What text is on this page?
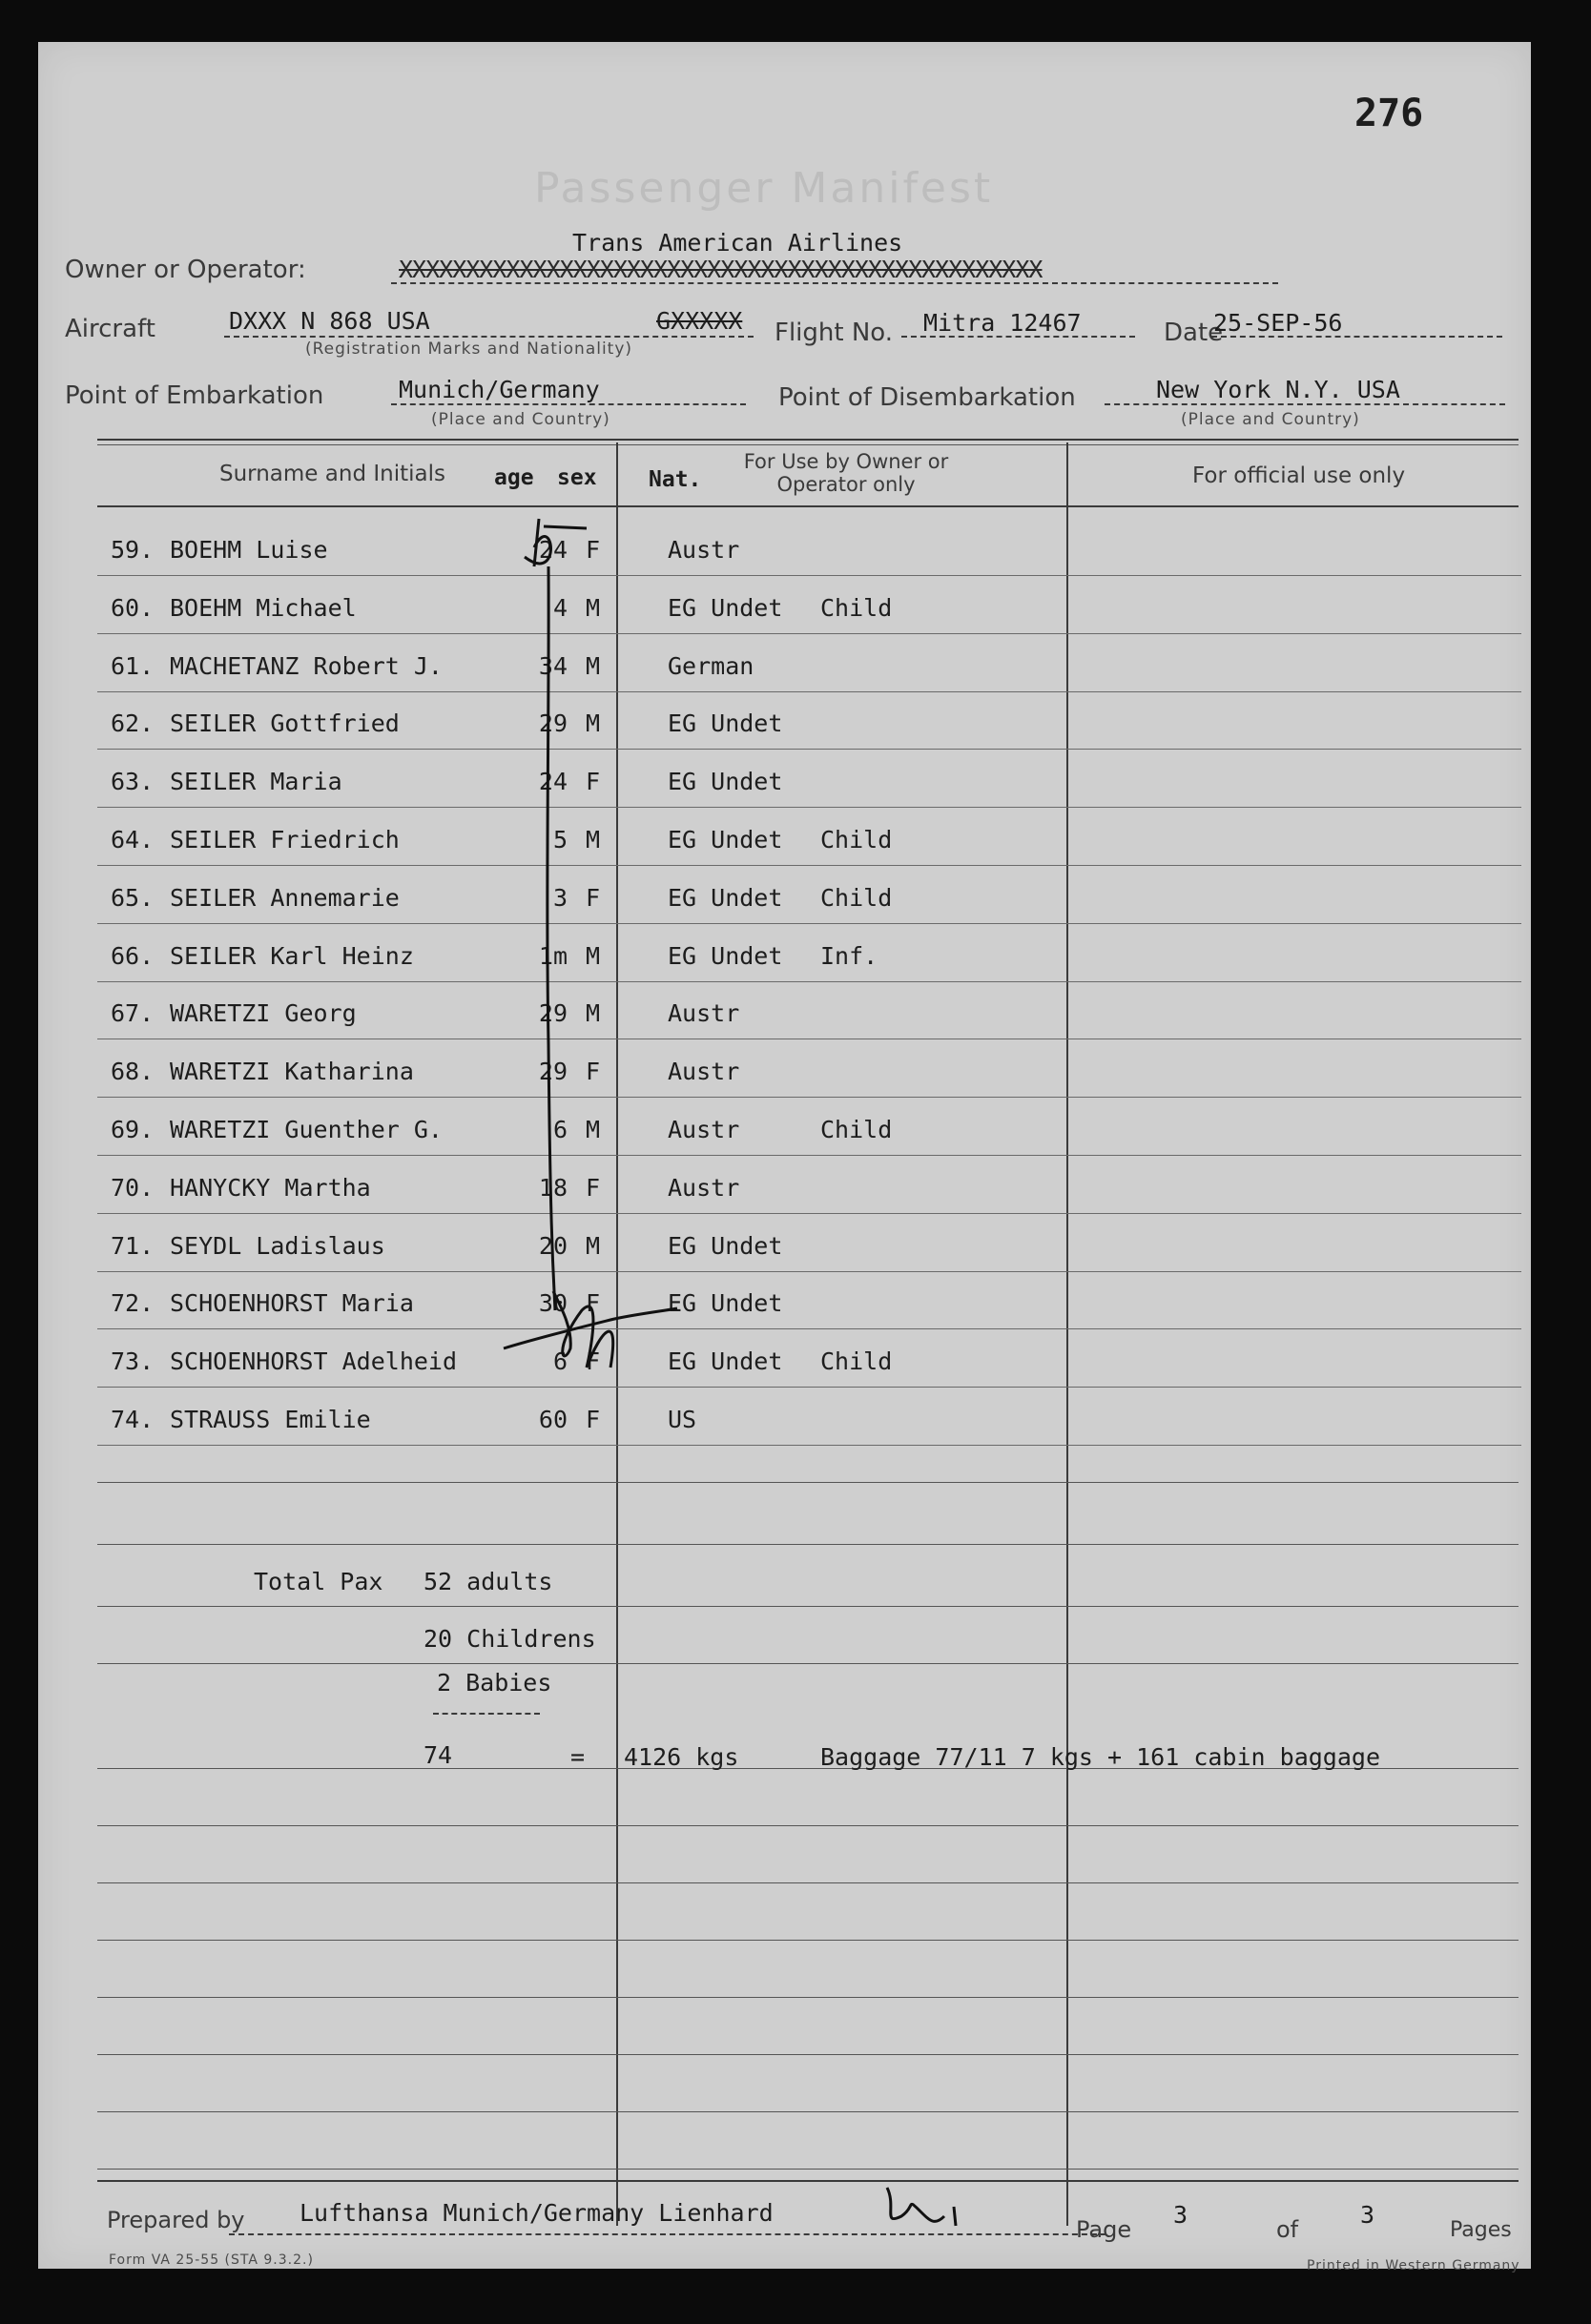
276
Passenger Manifest
Trans American Airlines
Owner or Operator:	XXXXXXXXXXXXXXXXXXXXXXXXXXXXXXXXXXXXXXXXXXXXXXXX
Aircraft	DXXX N 868 USA	GXXXXX
(Registration Marks and Nationality)
Flight No. Mitra 12467	Date
25-SEP-56
Point of Embarkation	Munich/Germany
(Place and Country)
Point of Disembarkation	New York N.Y. USA
(Place and Country)
Surname and Initials age sex Nat.
For Use by Owner or Operator only	For official use only
59. BOEHM Luise	24 F	Austr
60. BOEHM Michael	4 M	EG Undet Child
61. MACHETANZ Robert J.	34 M	German
62. SEILER Gottfried	29 M	EG Undet
63. SEILER Maria	24 F	EG Undet
64. SEILER Friedrich	5 M	EG Undet Child
65. SEILER Annemarie	3 F	EG Undet Child
66. SEILER Karl Heinz	1m M	EG Undet Inf.
67. WARETZI Georg	29 M	Austr
68. WARETZI Katharina	29 F	Austr
69. WARETZI Guenther G.	6 M	Austr	Child
70. HANYCKY Martha	18 F	Austr
71. SEYDL Ladislaus	20 M	EG Undet
72. SCHOENHORST Maria	30 F	EG Undet
73. SCHOENHORST Adelheid	6 F	EG Undet Child
74. STRAUSS Emilie	60 F	US
Total Pax 52 adults
20 Childrens
2 Babies
74	= 4126 kgs	Baggage 77/11 7 kgs + 161 cabin baggage
Prepared by Lufthansa Munich/Germany Lienhard
Page
3
of
3
Pages
Form VA 25-55 (STA 9.3.2.)	Printed in Western Germany
